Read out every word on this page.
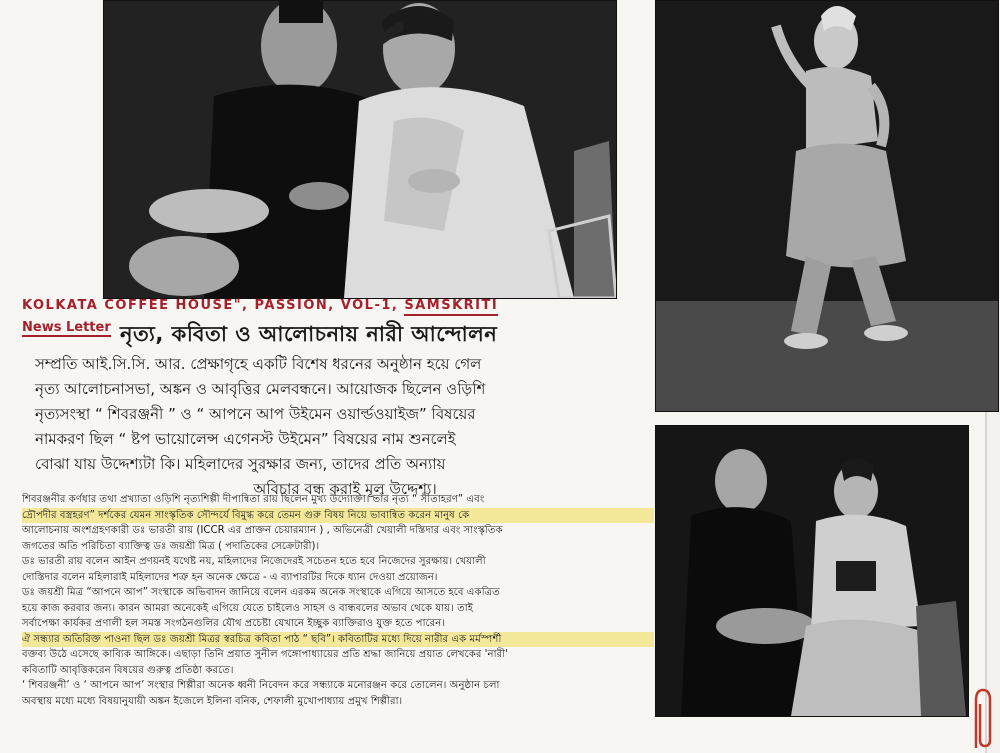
KOLKATA COFFEE HOUSE", PASSION, VOL-1, SAMSKRITI
News Letter নৃত্য, কবিতা ও আলোচনায় নারী আন্দোলন

সম্প্রতি আই.সি.সি. আর. প্রেক্ষাগৃহে একটি বিশেষ ধরনের অনুষ্ঠান হয়ে গেল

নৃত্য আলোচনাসভা, অঙ্কন ও আবৃত্তির মেলবন্ধনে। আয়োজক ছিলেন ওড়িশি

নৃত্যসংস্থা “ শিবরঞ্জনী ” ও “ আপনে আপ উইমেন ওয়ার্ল্ডওয়াইজ” বিষয়ের

নামকরণ ছিল “ ষ্টপ ভায়োলেন্স এগেনস্ট উইমেন” বিষয়ের নাম শুনলেই

বোঝা যায় উদ্দেশ্যটা কি। মহিলাদের সুরক্ষার জন্য, তাদের প্রতি অন্যায়

অবিচার বন্ধ করাই মূল উদ্দেশ্য।

শিবরঞ্জনীর কর্ণধার তথা প্রখ্যাতা ওড়িশি নৃত্যশিল্পী দীপান্বিতা রায় ছিলেন মুখ্য উদ্যোক্তা। তাঁর নৃত্য “ সীতাহরণ” এবং

দ্রৌপদীর বস্ত্রহরণ” দর্শকের যেমন সাংস্কৃতিক সৌন্দর্যে বিমুগ্ধ করে তেমন গুরু বিষয় নিয়ে ভাবান্বিত করেন মানুষ কে

আলোচনায় অংশগ্রহণকারী ডঃ ভারতী রায় (ICCR এর প্রাক্তন চেয়ারম্যান ) , অভিনেত্রী খেয়ালী দস্তিদার এবং সাংস্কৃতিক

জগতের অতি পরিচিতা ব্যাক্তিত্ব ডঃ জয়শ্রী মিত্র ( পদাতিকের সেক্রেটারী)।

ডঃ ভারতী রায় বলেন আইন প্রণয়নই যথেষ্ট নয়, মহিলাদের নিজেদেরই সচেতন হতে হবে নিজেদের সুরক্ষায়। খেয়ালী

দোস্তিদার বলেন মহিলারাই মহিলাদের শত্রু হন অনেক ক্ষেত্রে - এ ব্যাপারটির দিকে ধ্যান দেওয়া প্রয়োজন।

ডঃ জয়শ্রী মিত্র “আপনে আপ” সংস্থাকে অভিবাদন জানিয়ে বলেন এরকম অনেক সংস্থাকে এগিয়ে আসতে হবে একত্রিত

হয়ে কাজ করবার জন্য। কারন আমরা অনেকেই এগিয়ে যেতে চাইলেও সাহস ও বান্ধবলের অভাব থেকে যায়। তাই

সর্বাপেক্ষা কার্যকর প্রণালী হল সমস্ত সংগঠনগুলির যৌথ প্রচেষ্টা যেখানে ইচ্ছুক ব্যাক্তিরাও যুক্ত হতে পারেন।

ঐ সন্ধ্যার অতিরিক্ত পাওনা ছিল ডঃ জয়শ্রী মিত্রর স্বরচিত্র কবিতা পাঠ “ ছবি”। কবিতাটির মধ্যে দিয়ে নারীর এক মর্মস্পর্শী

বক্তব্য উঠে এসেছে কাব্যিক আঙ্গিকে। এছাড়া তিনি প্রয়াত সুনীল গঙ্গোপাধ্যায়ের প্রতি শ্রদ্ধা জানিয়ে প্রয়াত লেখকের 'নারী'

কবিতাটি আবৃত্তিকরেন বিষয়ের গুরুত্ব প্রতিষ্ঠা করতে।

‘ শিবরঞ্জনী’ ও ‘ আপনে আপ’ সংস্থার শিল্পীরা অনেক ধ্বনী নিবেদন করে সন্ধ্যাকে মনোরঞ্জন করে তোলেন। অনুষ্ঠান চলা

অবস্থায় মধ্যে মধ্যে বিষয়ানুযায়ী অঙ্কন ইজেলে ইলিনা বনিক, শেফালী মুখোপাধ্যায় প্রমুখ শিল্পীরা।
